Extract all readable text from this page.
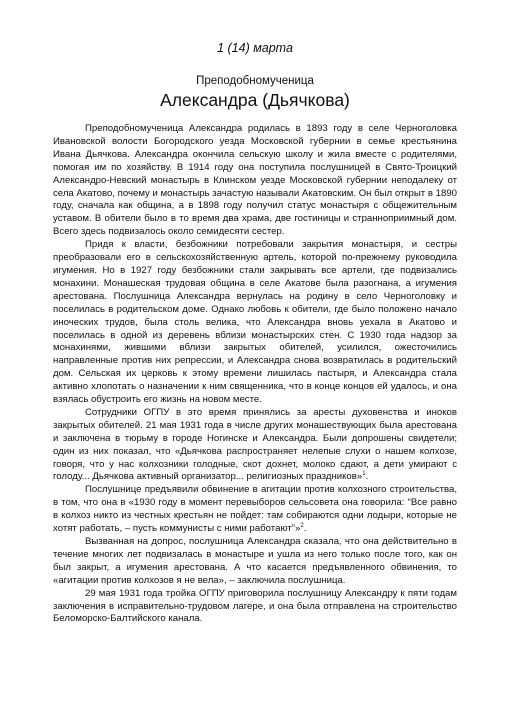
1 (14) марта
Преподобномученица
Александра (Дьячкова)

Преподобномученица Александра родилась в 1893 году в селе Черноголовка Ивановской волости Богородского уезда Московской губернии в семье крестьянина Ивана Дьячкова. Александра окончила сельскую школу и жила вместе с родителями, помогая им по хозяйству. В 1914 году она поступила послушницей в Свято-Троицкий Александро-Невский монастырь в Клинском уезде Московской губернии неподалеку от села Акатово, почему и монастырь зачастую называли Акатовским. Он был открыт в 1890 году, сначала как община, а в 1898 году получил статус монастыря с общежительным уставом. В обители было в то время два храма, две гостиницы и странноприимный дом. Всего здесь подвизалось около семидесяти сестер.

Придя к власти, безбожники потребовали закрытия монастыря, и сестры преобразовали его в сельскохозяйственную артель, которой по-прежнему руководила игумения. Но в 1927 году безбожники стали закрывать все артели, где подвизались монахини. Монашеская трудовая община в селе Акатове была разогнана, а игумения арестована. Послушница Александра вернулась на родину в село Черноголовку и поселилась в родительском доме. Однако любовь к обители, где было положено начало иноческих трудов, была столь велика, что Александра вновь уехала в Акатово и поселилась в одной из деревень вблизи монастырских стен. С 1930 года надзор за монахинями, жившими вблизи закрытых обителей, усилился, ожесточились направленные против них репрессии, и Александра снова возвратилась в родительский дом. Сельская их церковь к этому времени лишилась пастыря, и Александра стала активно хлопотать о назначении к ним священника, что в конце концов ей удалось, и она взялась обустроить его жизнь на новом месте.

Сотрудники ОГПУ в это время принялись за аресты духовенства и иноков закрытых обителей. 21 мая 1931 года в числе других монашествующих была арестована и заключена в тюрьму в городе Ногинске и Александра. Были допрошены свидетели; один из них показал, что «Дьячкова распространяет нелепые слухи о нашем колхозе, говоря, что у нас колхозники голодные, скот дохнет, молоко сдают, а дети умирают с голоду... Дьячкова активный организатор... религиозных праздников»$^1$.

Послушнице предъявили обвинение в агитации против колхозного строительства, в том, что она в «1930 году в момент перевыборов сельсовета она говорила: “Все равно в колхоз никто из честных крестьян не пойдет: там собираются одни лодыри, которые не хотят работать, – пусть коммунисты с ними работают”»$^2$.

Вызванная на допрос, послушница Александра сказала, что она действительно в течение многих лет подвизалась в монастыре и ушла из него только после того, как он был закрыт, а игумения арестована. А что касается предъявленного обвинения, то «агитации против колхозов я не вела», – заключила послушница.

29 мая 1931 года тройка ОГПУ приговорила послушницу Александру к пяти годам заключения в исправительно-трудовом лагере, и она была отправлена на строительство Беломорско-Балтийского канала.
